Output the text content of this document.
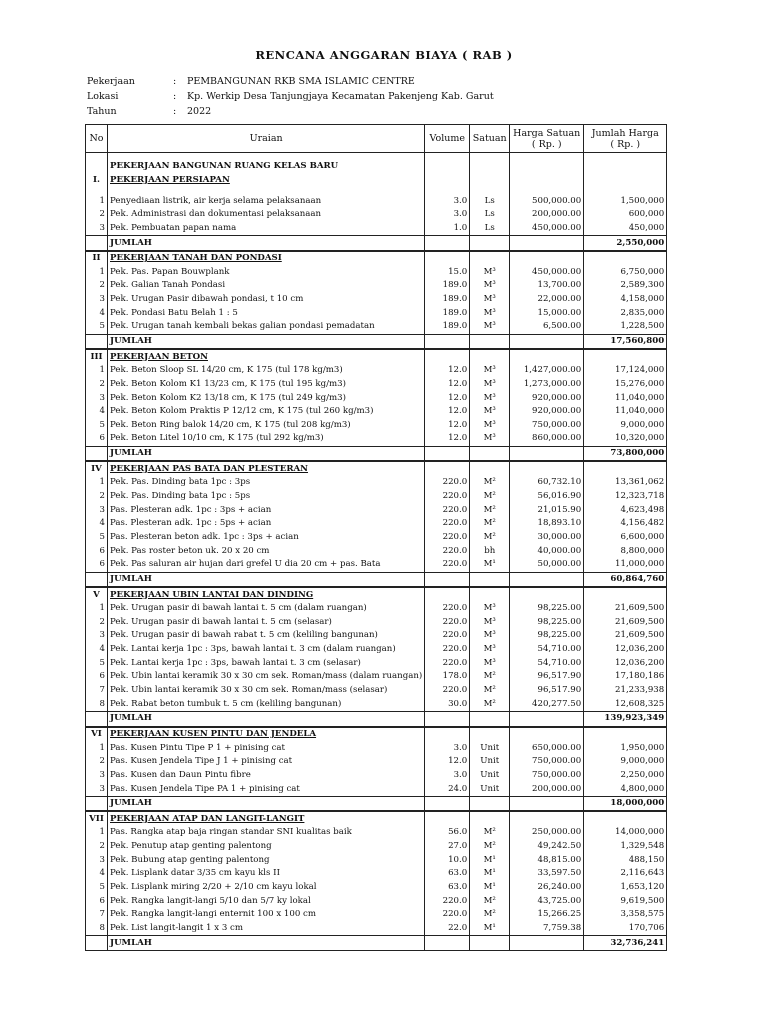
RENCANA ANGGARAN BIAYA ( RAB )
Pekerjaan	: PEMBANGUNAN RKB SMA ISLAMIC CENTRE
Lokasi	: Kp. Werkip Desa Tanjungjaya Kecamatan Pakenjeng Kab. Garut
Tahun	: 2022
No	Uraian	Volume	Satuan	Harga Satuan
( Rp. )	Jumlah Harga
( Rp. )

	PEKERJAAN BANGUNAN RUANG KELAS BARU				
I.	PEKERJAAN PERSIAPAN				

1	Penyediaan listrik, air kerja selama pelaksanaan	3.0	Ls	500,000.00	1,500,000
2	Pek. Administrasi dan dokumentasi pelaksanaan	3.0	Ls	200,000.00	600,000
3	Pek. Pembuatan papan nama	1.0	Ls	450,000.00	450,000
	JUMLAH				2,550,000
II	PEKERJAAN TANAH DAN PONDASI				
1	Pek. Pas. Papan Bouwplank	15.0	M³	450,000.00	6,750,000
2	Pek. Galian Tanah Pondasi	189.0	M³	13,700.00	2,589,300
3	Pek. Urugan Pasir dibawah pondasi, t 10 cm	189.0	M³	22,000.00	4,158,000
4	Pek. Pondasi Batu Belah 1 : 5	189.0	M³	15,000.00	2,835,000
5	Pek. Urugan tanah kembali bekas galian pondasi pemadatan	189.0	M³	6,500.00	1,228,500
	JUMLAH				17,560,800
III	PEKERJAAN BETON				
1	Pek. Beton Sloop SL 14/20 cm, K 175 (tul 178 kg/m3)	12.0	M³	1,427,000.00	17,124,000
2	Pek. Beton Kolom K1 13/23 cm, K 175 (tul 195 kg/m3)	12.0	M³	1,273,000.00	15,276,000
3	Pek. Beton Kolom K2 13/18 cm, K 175 (tul 249 kg/m3)	12.0	M³	920,000.00	11,040,000
4	Pek. Beton Kolom Praktis P 12/12 cm, K 175 (tul 260 kg/m3)	12.0	M³	920,000.00	11,040,000
5	Pek. Beton Ring balok 14/20 cm, K 175 (tul 208 kg/m3)	12.0	M³	750,000.00	9,000,000
6	Pek. Beton Litel 10/10 cm, K 175 (tul 292 kg/m3)	12.0	M³	860,000.00	10,320,000
	JUMLAH				73,800,000
IV	PEKERJAAN PAS BATA DAN PLESTERAN				
1	Pek. Pas. Dinding bata 1pc : 3ps	220.0	M²	60,732.10	13,361,062
2	Pek. Pas. Dinding bata 1pc : 5ps	220.0	M²	56,016.90	12,323,718
3	Pas. Plesteran adk. 1pc : 3ps + acian	220.0	M²	21,015.90	4,623,498
4	Pas. Plesteran adk. 1pc : 5ps + acian	220.0	M²	18,893.10	4,156,482
5	Pas. Plesteran beton adk. 1pc : 3ps + acian	220.0	M²	30,000.00	6,600,000
6	Pek. Pas roster beton uk. 20 x 20 cm	220.0	bh	40,000.00	8,800,000
6	Pek. Pas saluran air hujan dari grefel U dia 20 cm + pas. Bata	220.0	M¹	50,000.00	11,000,000
	JUMLAH				60,864,760
V	PEKERJAAN UBIN LANTAI DAN DINDING				
1	Pek. Urugan pasir di bawah lantai t. 5 cm (dalam ruangan)	220.0	M³	98,225.00	21,609,500
2	Pek. Urugan pasir di bawah lantai t. 5 cm (selasar)	220.0	M³	98,225.00	21,609,500
3	Pek. Urugan pasir di bawah rabat t. 5 cm (keliling bangunan)	220.0	M³	98,225.00	21,609,500
4	Pek. Lantai kerja 1pc : 3ps, bawah lantai t. 3 cm (dalam ruangan)	220.0	M³	54,710.00	12,036,200
5	Pek. Lantai kerja 1pc : 3ps, bawah lantai t. 3 cm (selasar)	220.0	M³	54,710.00	12,036,200
6	Pek. Ubin lantai keramik 30 x 30 cm sek. Roman/mass (dalam ruangan)	178.0	M²	96,517.90	17,180,186
7	Pek. Ubin lantai keramik 30 x 30 cm sek. Roman/mass (selasar)	220.0	M²	96,517.90	21,233,938
8	Pek. Rabat beton tumbuk t. 5 cm (keliling bangunan)	30.0	M²	420,277.50	12,608,325
	JUMLAH				139,923,349
VI	PEKERJAAN KUSEN PINTU DAN JENDELA				
1	Pas. Kusen Pintu Tipe P 1 + pinising cat	3.0	Unit	650,000.00	1,950,000
2	Pas. Kusen Jendela Tipe J 1 + pinising cat	12.0	Unit	750,000.00	9,000,000
3	Pas. Kusen dan Daun Pintu fibre	3.0	Unit	750,000.00	2,250,000
3	Pas. Kusen Jendela Tipe PA 1 + pinising cat	24.0	Unit	200,000.00	4,800,000
	JUMLAH				18,000,000
VII	PEKERJAAN ATAP DAN LANGIT-LANGIT				
1	Pas. Rangka atap baja ringan standar SNI kualitas baik	56.0	M²	250,000.00	14,000,000
2	Pek. Penutup atap genting palentong	27.0	M²	49,242.50	1,329,548
3	Pek. Bubung atap genting palentong	10.0	M¹	48,815.00	488,150
4	Pek. Lisplank datar 3/35 cm kayu kls II	63.0	M¹	33,597.50	2,116,643
5	Pek. Lisplank miring 2/20 + 2/10 cm kayu lokal	63.0	M¹	26,240.00	1,653,120
6	Pek. Rangka langit-langi 5/10 dan 5/7 ky lokal	220.0	M²	43,725.00	9,619,500
7	Pek. Rangka langit-langi enternit 100 x 100 cm	220.0	M²	15,266.25	3,358,575
8	Pek. List langit-langit 1 x 3 cm	22.0	M¹	7,759.38	170,706
	JUMLAH				32,736,241
